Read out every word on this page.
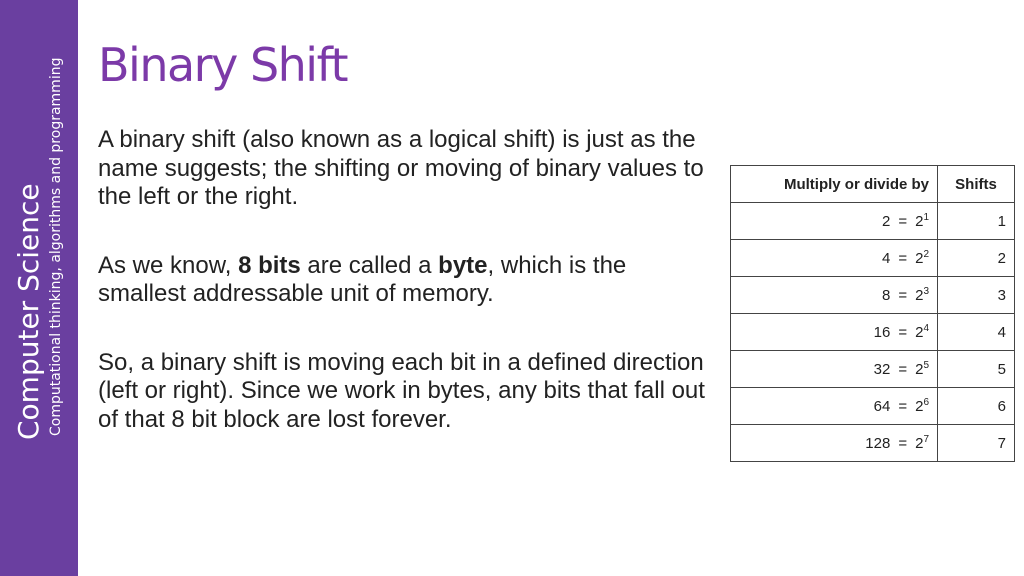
Computer Science Computational thinking, algorithms and programming Binary Shift

A binary shift (also known as a logical shift) is just as the name suggests; the shifting or moving of binary values to the left or the right.

As we know, 8 bits are called a byte, which is the smallest addressable unit of memory.

So, a binary shift is moving each bit in a defined direction (left or right). Since we work in bytes, any bits that fall out of that 8 bit block are lost forever.

Multiply or divide by	Shifts
$2 = 2^1$	1
$4 = 2^2$	2
$8 = 2^3$	3
$16 = 2^4$	4
$32 = 2^5$	5
$64 = 2^6$	6
$128 = 2^7$	7
